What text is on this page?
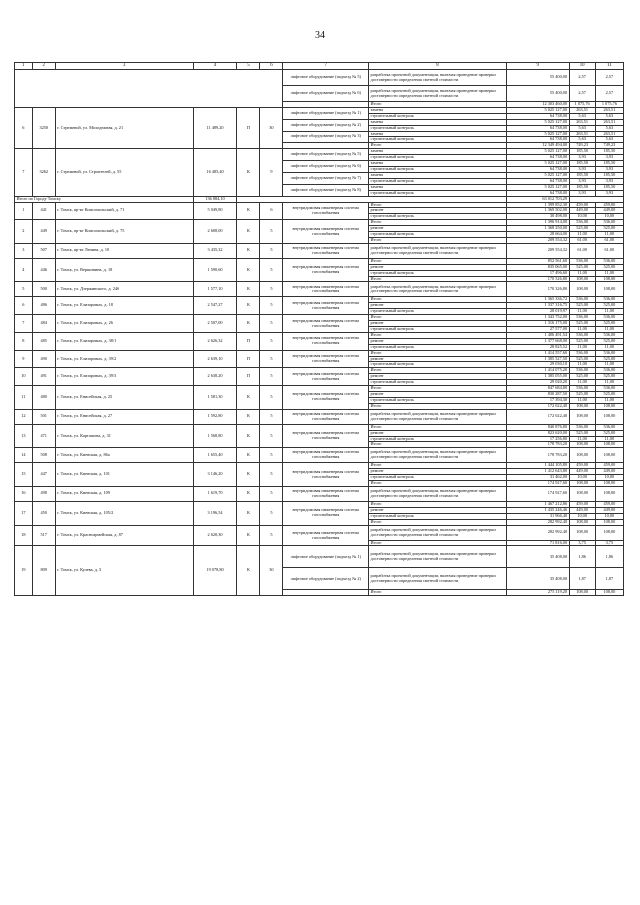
34
1	2	3	4	5	6	7	8	9	10	11
						лифтовое оборудование (подъезд № 5)	разработка проектной документации, включая проведение проверки достоверности определения сметной стоимости	55 400,00	2,57	2,57
						лифтовое оборудование (подъезд № 6)	разработка проектной документации, включая проведение проверки достоверности определения сметной стоимости	55 400,00	2,57	2,57
							Итого	12 303 460,00	1 075,76	1 075,76
6	3250	г. Стрежевой, ул. Молодежная, д. 21	11 489,20	П	30	лифтовое оборудование (подъезд № 1)	замена	5 025 127,00	263,51	263,51
							строительный контроль	64 738,00	5,63	5,63
						лифтовое оборудование (подъезд № 2)	замена	5 025 127,00	263,51	263,51
							строительный контроль	64 738,00	5,63	5,63
						лифтовое оборудование (подъезд № 3)	замена	5 025 127,00	263,51	263,51
							строительный контроль	64 738,00	5,63	5,63
							Итого	12 349 494,00	749,23	749,23
7	3262	г. Стрежевой, ул. Строителей, д. 55	16 485,40	К	9	лифтовое оборудование (подъезд № 5)	замена	5 025 127,00	185,50	185,50
							строительный контроль	64 738,00	3,93	3,93
						лифтовое оборудование (подъезд № 6)	замена	5 025 127,00	185,50	185,50
							строительный контроль	64 738,00	3,93	3,93
						лифтовое оборудование (подъезд № 7)	замена	5 025 127,00	185,50	185,50
							строительный контроль	64 738,00	3,93	3,93
						лифтовое оборудование (подъезд № 8)	замена	5 025 127,00	185,50	185,50
							строительный контроль	64 738,00	3,93	3,93
Итого по Городу Томску			136 884,10					63 012 703,29		
1	441	г. Томск, пр-кт Комсомольский, д. 71	5 049,80	К	6	внутридомовая инженерная система газоснабжения	Итого	1 399 852,30	459,00	459,00
							ремонт	1 369 502,00	449,00	449,00
							строительный контроль	30 498,00	10,00	10,00
2	449	г. Томск, пр-кт Комсомольский, д. 75	2 608,00	К	5	внутридомовая инженерная система газоснабжения	Итого	1 396 914,00	536,00	536,00
							ремонт	1 368 250,00	525,00	525,00
							строительный контроль	28 664,00	11,00	11,00
							Итого	209 554,32	61,00	61,00
3	507	г. Томск, пр-кт Ленина, д. 10	3 435,32	К	5	внутридомовая инженерная система газоснабжения	разработка проектной документации, включая проведение проверки достоверности определения сметной стоимости	209 554,32	61,00	61,00
4	446	г. Томск, ул. Вершинина, д. 18	1 590,60	К	5	внутридомовая инженерная система газоснабжения	Итого	852 561,60	536,00	536,00
							ремонт	835 065,00	525,00	525,00
							строительный контроль	17 496,60	11,00	11,00
							Итого	170 526,80	108,00	108,00
5	500	г. Томск, ул. Дзержинского, д. 24б	1 577,10	К	5	внутридомовая инженерная система газоснабжения	разработка проектной документации, включая проведение проверки достоверности определения сметной стоимости	170 326,80	108,00	108,00
6	486	г. Томск, ул. Елизаровых, д. 18	2 547,27	К	5	внутридомовая инженерная система газоснабжения	Итого	1 365 336,72	536,00	536,00
							ремонт	1 337 316,75	525,00	525,00
							строительный контроль	28 019,97	11,00	11,00
7	484	г. Томск, ул. Елизаровых, д. 26	2 507,00	К	5	внутридомовая инженерная система газоснабжения	Итого	1 343 752,00	536,00	536,00
							ремонт	1 316 175,00	525,00	525,00
							строительный контроль	27 577,00	11,00	11,00
8	485	г. Томск, ул. Елизаровых, д. 38/1	2 626,32	П	5	внутридомовая инженерная система газоснабжения	Итого	1 406 491,54	536,00	536,00
							ремонт	1 377 668,00	525,00	525,00
							строительный контроль	28 825,52	11,00	11,00
9	490	г. Томск, ул. Елизаровых, д. 39/2	2 639,10	П	5	внутридомовая инженерная система газоснабжения	Итого	1 414 557,60	536,00	536,00
							ремонт	1 385 527,50	525,00	525,00
							строительный контроль	29 030,10	11,00	11,00
10	491	г. Томск, ул. Елизаровых, д. 39/3	2 638,20	П	5	внутридомовая инженерная система газоснабжения	Итого	1 414 075,20	536,00	536,00
							ремонт	1 385 055,00	525,00	525,00
							строительный контроль	29 020,20	11,00	11,00
11	480	г. Томск, ул. Енисейская, д. 25	1 581,30	К	5	внутридомовая инженерная система газоснабжения	Итого	847 684,80	536,00	536,00
							ремонт	830 287,50	525,00	525,00
							строительный контроль	17 394,30	11,00	11,00
							Итого	172 022,40	108,00	108,00
12	501	г. Томск, ул. Енисейская, д. 27	1 592,80	К	5	внутридомовая инженерная система газоснабжения	разработка проектной документации, включая проведение проверки достоверности определения сметной стоимости	172 022,40	108,00	108,00
13	471	г. Томск, ул. Карташова, д. 31	1 568,80	К	5	внутридомовая инженерная система газоснабжения	Итого	840 876,80	536,00	536,00
							ремонт	823 620,00	525,00	525,00
							строительный контроль	17 256,80	11,00	11,00
							Итого	178 783,20	108,00	108,00
14	508	г. Томск, ул. Киевская, д. 86а	1 655,40	К	5	внутридомовая инженерная система газоснабжения	разработка проектной документации, включая проведение проверки достоверности определения сметной стоимости	178 783,20	108,00	108,00
15	447	г. Томск, ул. Киевская, д. 101	3 146,20	К	5	внутридомовая инженерная система газоснабжения	Итого	1 444 105,80	459,00	459,00
							ремонт	1 412 643,80	449,00	449,00
							строительный контроль	31 462,00	10,00	10,00
							Итого	174 927,60	108,00	108,00
16	498	г. Томск, ул. Киевская, д. 109	1 619,70	К	5	внутридомовая инженерная система газоснабжения	разработка проектной документации, включая проведение проверки достоверности определения сметной стоимости	174 927,60	108,00	108,00
17	450	г. Томск, ул. Киевская, д. 105/2	3 196,54	К	5	внутридомовая инженерная система газоснабжения	Итого	1 467 212,86	459,00	459,00
							ремонт	1 435 246,46	449,00	449,00
							строительный контроль	31 966,40	10,00	10,00
							Итого	282 992,40	108,00	108,00
18	517	г. Томск, ул. Красноармейская, д. 87	2 620,30	К	5	внутридомовая инженерная система газоснабжения	разработка проектной документации, включая проведение проверки достоверности определения сметной стоимости	282 992,40	108,00	108,00
							Итого	71 816,00	3,75	3,75
19	809	г. Томск, ул. Кулева, д. 3	19 078,80	К	30	лифтовое оборудование (подъезд № 1)	разработка проектной документации, включая проведение проверки достоверности определения сметной стоимости	35 408,00	1,86	1,86
						лифтовое оборудование (подъезд № 2)	разработка проектной документации, включая проведение проверки достоверности определения сметной стоимости	35 408,00	1,87	1,87
							Итого	275 119,20	108,00	108,00
